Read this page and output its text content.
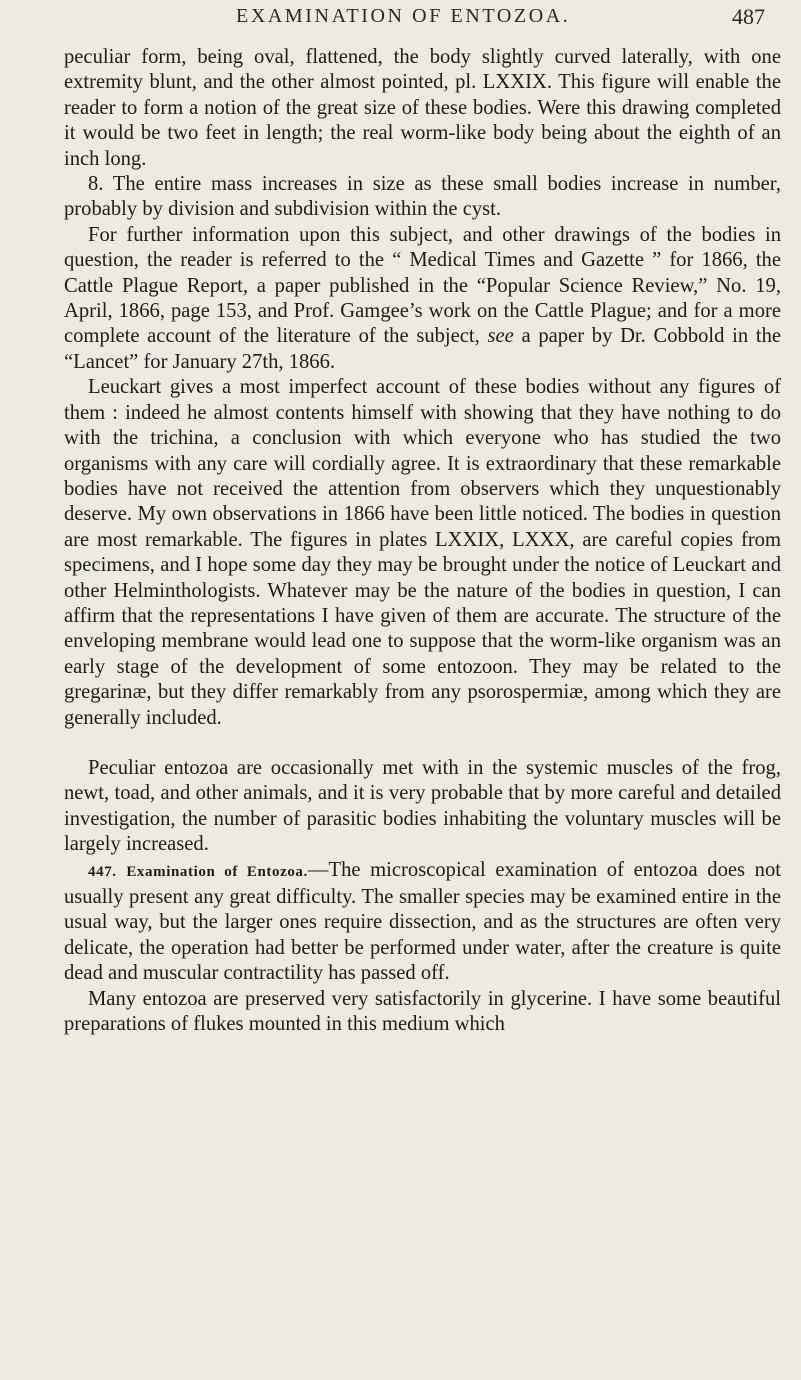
EXAMINATION OF ENTOZOA.	487

peculiar form, being oval, flattened, the body slightly curved laterally, with one extremity blunt, and the other almost pointed, pl. LXXIX. This figure will enable the reader to form a notion of the great size of these bodies. Were this drawing completed it would be two feet in length; the real worm-like body being about the eighth of an inch long.

8. The entire mass increases in size as these small bodies increase in number, probably by division and subdivision within the cyst.

For further information upon this subject, and other drawings of the bodies in question, the reader is referred to the “ Medical Times and Gazette ” for 1866, the Cattle Plague Report, a paper published in the “Popular Science Review,” No. 19, April, 1866, page 153, and Prof. Gamgee’s work on the Cattle Plague; and for a more complete account of the literature of the subject, see a paper by Dr. Cobbold in the “Lancet” for January 27th, 1866.

Leuckart gives a most imperfect account of these bodies without any figures of them : indeed he almost contents himself with showing that they have nothing to do with the trichina, a conclusion with which everyone who has studied the two organisms with any care will cordially agree. It is extraordinary that these remarkable bodies have not received the attention from observers which they unquestionably deserve. My own observations in 1866 have been little noticed. The bodies in question are most remarkable. The figures in plates LXXIX, LXXX, are careful copies from specimens, and I hope some day they may be brought under the notice of Leuckart and other Helminthologists. Whatever may be the nature of the bodies in question, I can affirm that the representations I have given of them are accurate. The structure of the enveloping membrane would lead one to suppose that the worm-like organism was an early stage of the development of some entozoon. They may be related to the gregarinæ, but they differ remarkably from any psorospermiæ, among which they are generally included.

Peculiar entozoa are occasionally met with in the systemic muscles of the frog, newt, toad, and other animals, and it is very probable that by more careful and detailed investigation, the number of parasitic bodies inhabiting the voluntary muscles will be largely increased.

447. Examination of Entozoa.—The microscopical examination of entozoa does not usually present any great difficulty. The smaller species may be examined entire in the usual way, but the larger ones require dissection, and as the structures are often very delicate, the operation had better be performed under water, after the creature is quite dead and muscular contractility has passed off.

Many entozoa are preserved very satisfactorily in glycerine. I have some beautiful preparations of flukes mounted in this medium which
